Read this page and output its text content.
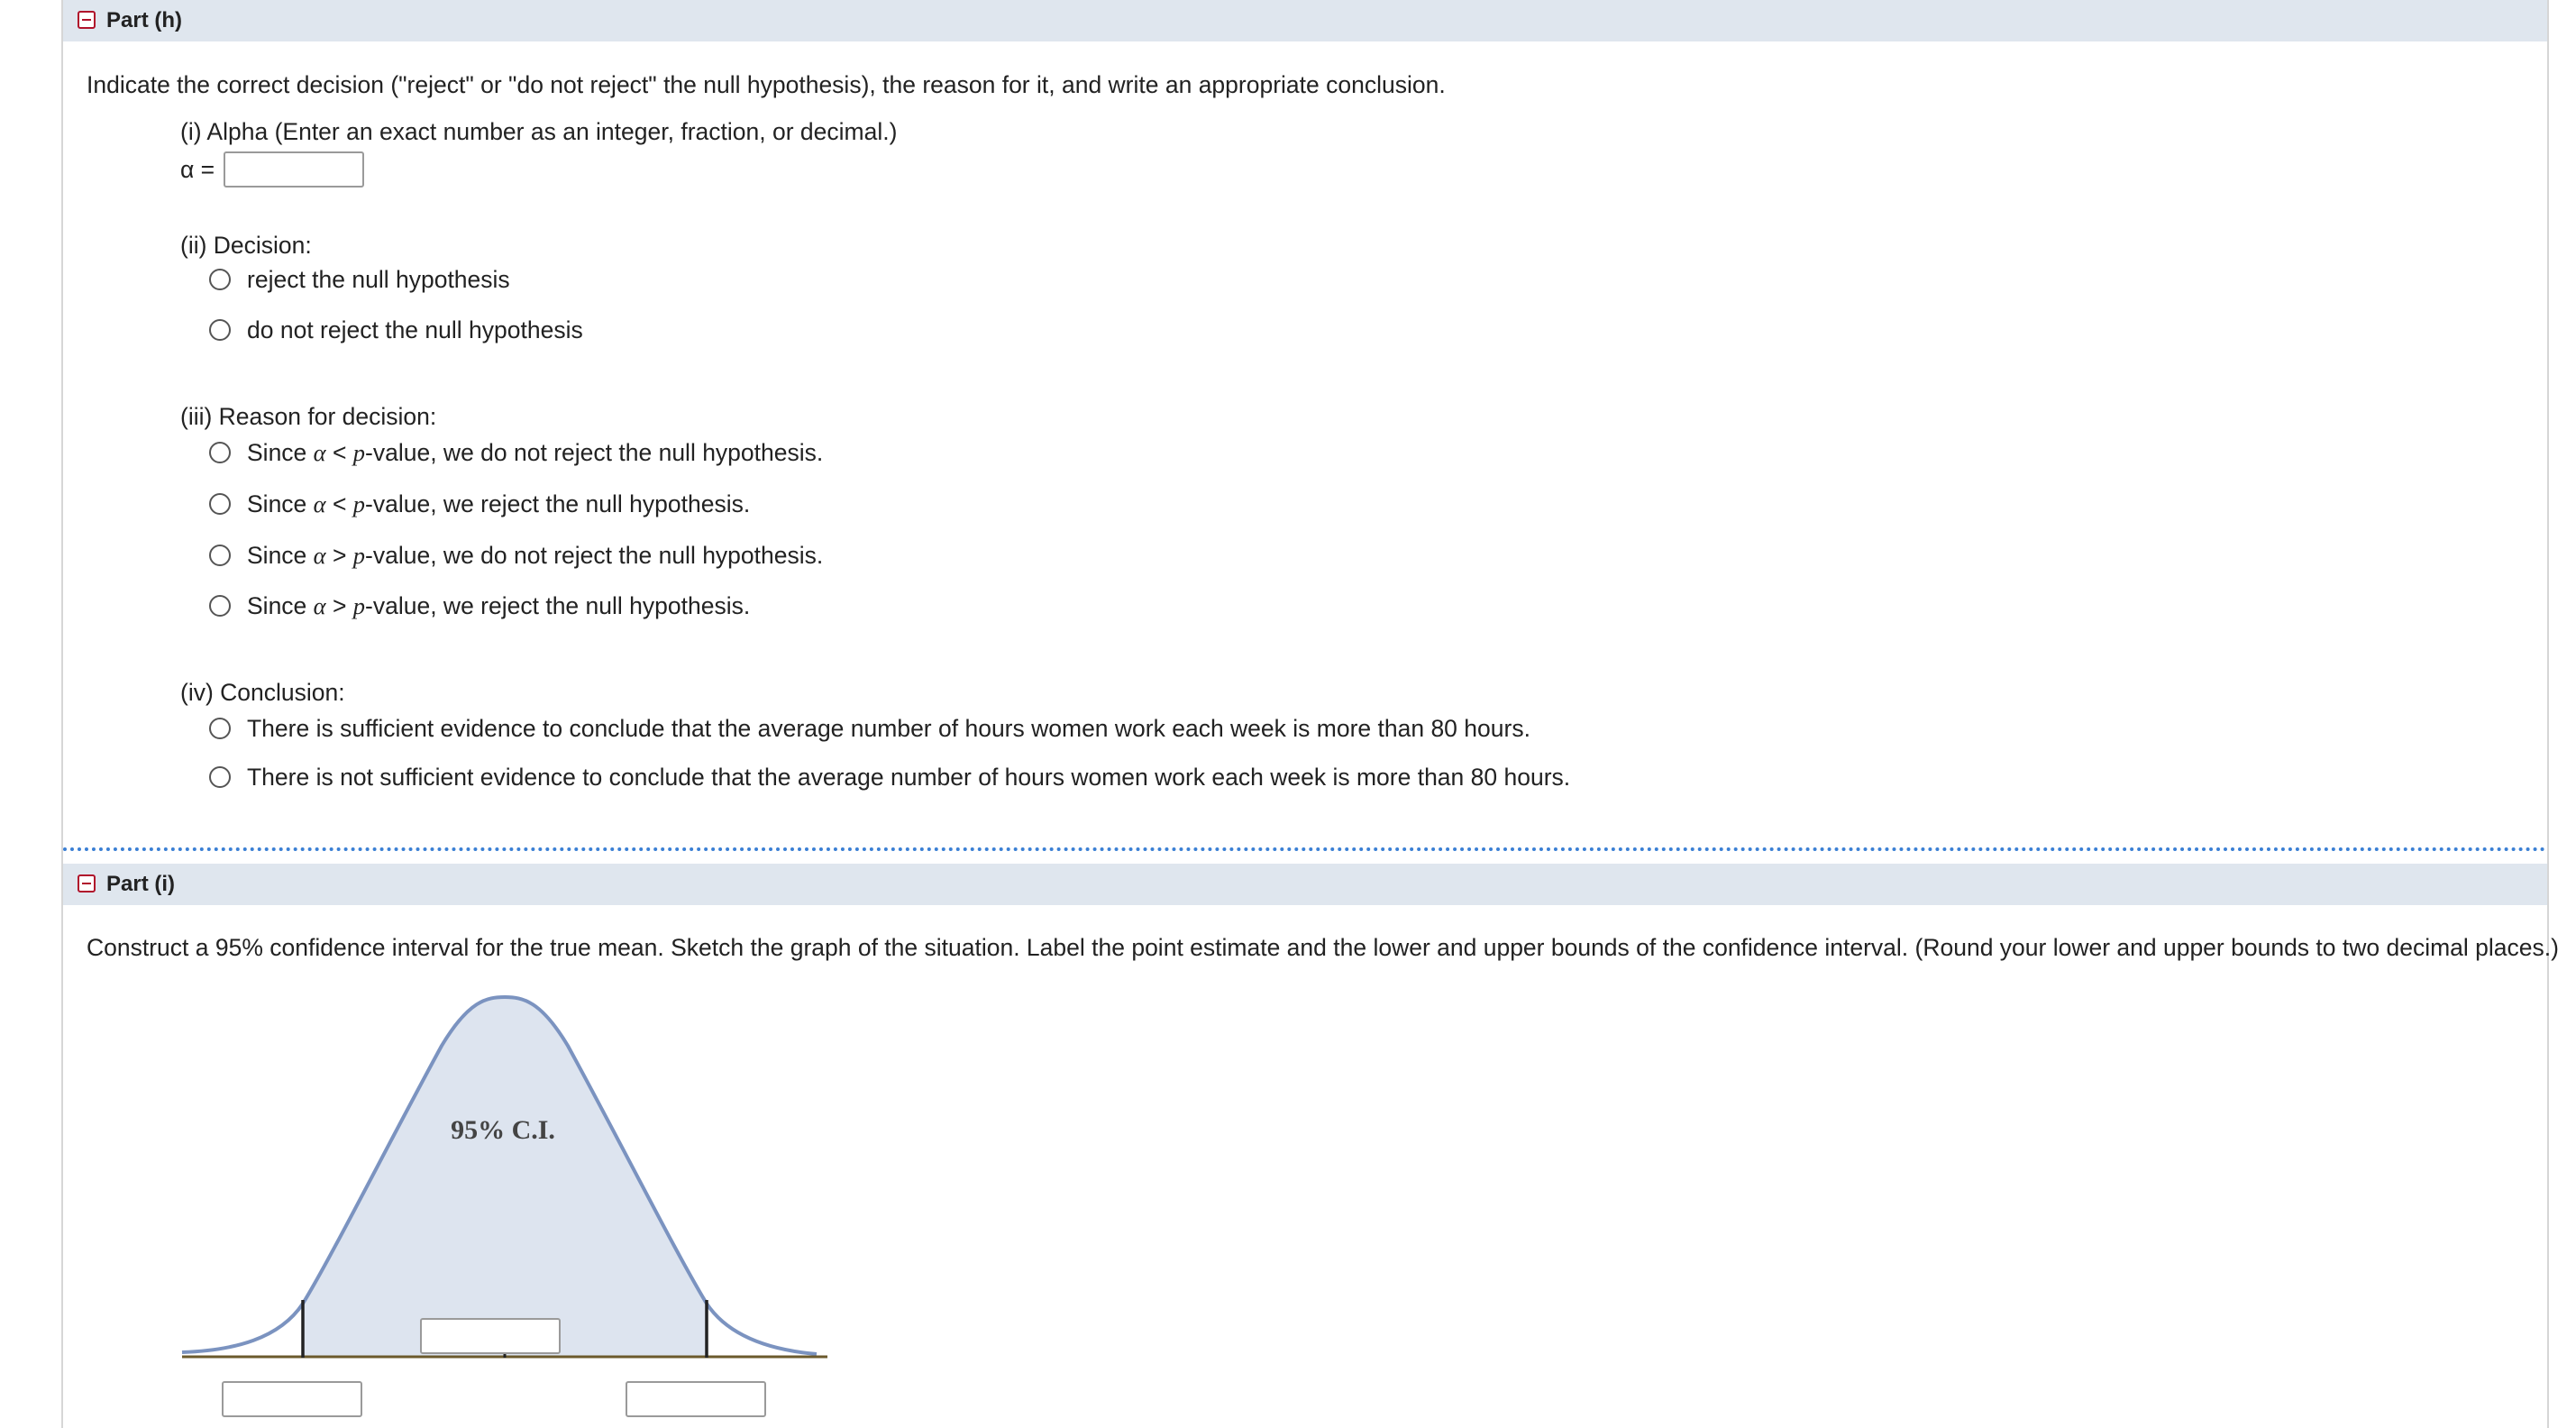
Part (h)
Indicate the correct decision ("reject" or "do not reject" the null hypothesis), the reason for it, and write an appropriate conclusion.
(i) Alpha (Enter an exact number as an integer, fraction, or decimal.)
α =
(ii) Decision:
reject the null hypothesis
do not reject the null hypothesis
(iii) Reason for decision:
Since α < p-value, we do not reject the null hypothesis.
Since α < p-value, we reject the null hypothesis.
Since α > p-value, we do not reject the null hypothesis.
Since α > p-value, we reject the null hypothesis.
(iv) Conclusion:
There is sufficient evidence to conclude that the average number of hours women work each week is more than 80 hours.
There is not sufficient evidence to conclude that the average number of hours women work each week is more than 80 hours.
Part (i)
Construct a 95% confidence interval for the true mean. Sketch the graph of the situation. Label the point estimate and the lower and upper bounds of the confidence interval. (Round your lower and upper bounds to two decimal places.)
95% C.I.
